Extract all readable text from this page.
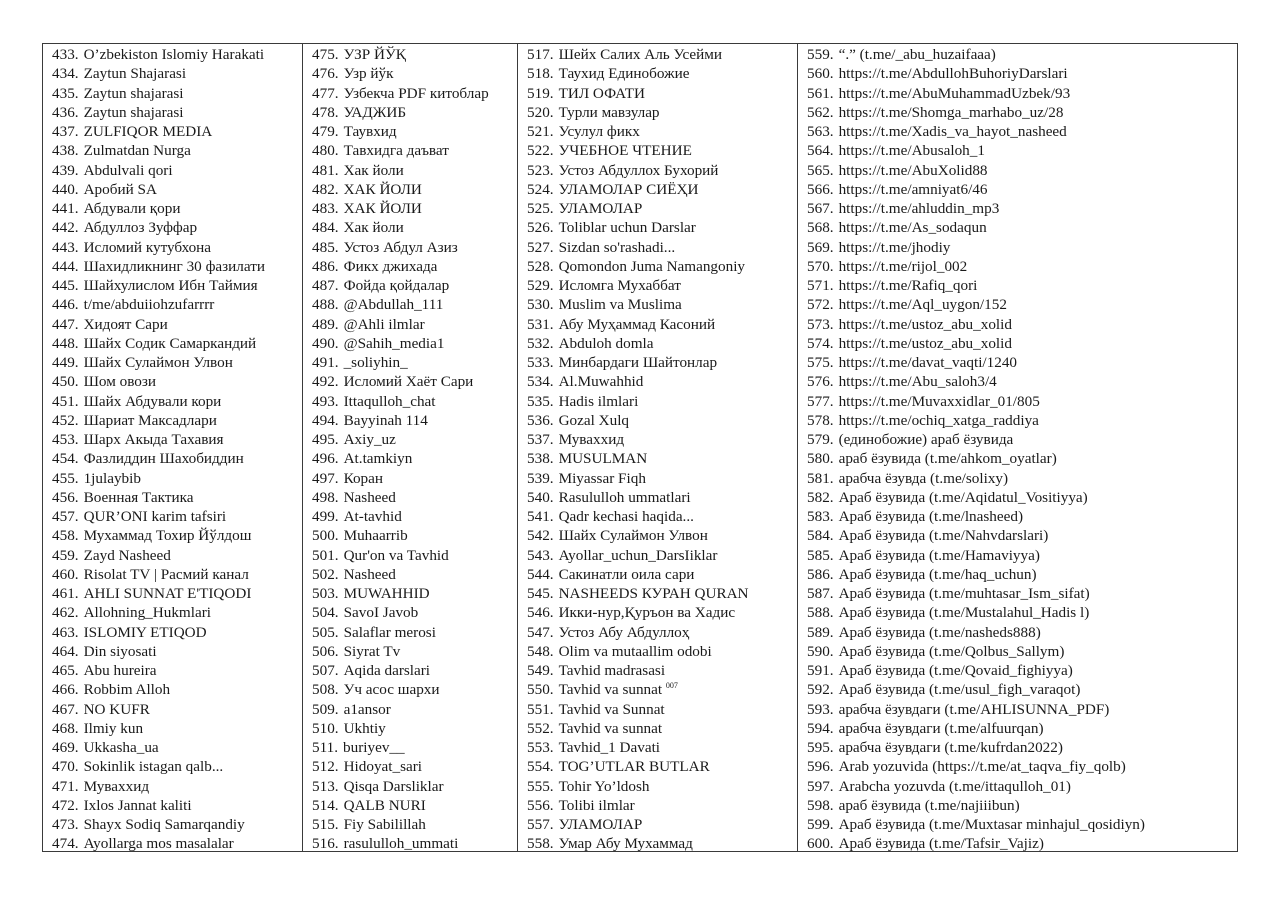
433. O’zbekiston Islomiy Harakati
434. Zaytun Shajarasi
435. Zaytun shajarasi
436. Zaytun shajarasi
437. ZULFIQOR MEDIA
438. Zulmatdan Nurga
439. Abdulvali qori
440. Аробий SA
441. Абдували қори
442. Абдуллоз Зуффар
443. Исломий кутубхона
444. Шахидликнинг 30 фазилати
445. Шайхулислом Ибн Таймия
446. t/me/abduiiohzufarrrr
447. Хидоят Сари
448. Шайх Содик Самаркандий
449. Шайх Сулаймон Улвон
450. Шом овози
451. Шайх Абдували кори
452. Шариат Максадлари
453. Шарх Акыда Тахавия
454. Фазлиддин Шахобиддин
455. 1julaybib
456. Военная Тактика
457. QUR’ONI karim tafsiri
458. Мухаммад Тохир Йўлдош
459. Zayd Nasheed
460. Risolat TV | Расмий канал
461. AHLI SUNNAT E'TIQODI
462. Allohning_Hukmlari
463. ISLOMIY ETIQOD
464. Din siyosati
465. Abu hureira
466. Robbim Alloh
467. NO KUFR
468. Ilmiy kun
469. Ukkasha_ua
470. Sokinlik istagan qalb...
471. Муваххид
472. Ixlos Jannat kaliti
473. Shayx Sodiq Samarqandiy
474. Ayollarga mos masalalar
475. УЗР ЙЎҚ
476. Узр йўк
477. Узбекча PDF китоблар
478. УАДЖИБ
479. Таувхид
480. Тавхидга даъват
481. Хак йоли
482. ХАК ЙОЛИ
483. ХАК ЙОЛИ
484. Хак йоли
485. Устоз Абдул Азиз
486. Фикх джихада
487. Фойда қойдалар
488. @Abdullah_111
489. @Ahli ilmlar
490. @Sahih_media1
491. _soliyhin_
492. Исломий Хаёт Сари
493. Ittaqulloh_chat
494. Bayyinah 114
495. Axiy_uz
496. At.tamkiyn
497. Коран
498. Nasheed
499. At-tavhid
500. Muhaarrib
501. Qur'on va Tavhid
502. Nasheed
503. MUWAHHID
504. SavoI Javob
505. Salaflar merosi
506. Siyrat Tv
507. Aqida darslari
508. Уч асос шархи
509. a1ansor
510. Ukhtiy
511. buriyev__
512. Hidoyat_sari
513. Qisqa Darsliklar
514. QALB NURI
515. Fiy Sabilillah
516. rasululloh_ummati
517. Шейх Салих Аль Усейми
518. Таухид Единобожие
519. ТИЛ ОФАТИ
520. Турли мавзулар
521. Усулул фикх
522. УЧЕБНОЕ ЧТЕНИЕ
523. Устоз Абдуллох Бухорий
524. УЛАМОЛАР СИЁҲИ
525. УЛАМОЛАР
526. Toliblar uchun Darslar
527. Sizdan so'rashadi...
528. Qomondon Juma Namangoniy
529. Исломга Мухаббат
530. Muslim va Muslima
531. Абу Муҳаммад Касоний
532. Abduloh domla
533. Минбардаги Шайтонлар
534. Al.Muwahhid
535. Hadis ilmlari
536. Gozal Xulq
537. Мувахxид
538. MUSULMAN
539. Miyassar Fiqh
540. Rasululloh ummatlari
541. Qadr kechasi haqida...
542. Шайх Сулаймон Улвон
543. Ayollar_uchun_DarsIiklar
544. Сакинатли оила сари
545. NASHEEDS КУРАН QURAN
546. Икки-нур,Қуръон ва Хадис
547. Устоз Абу Абдуллоҳ
548. Olim va mutaallim odobi
549. Tavhid madrasasi
550. Tavhid va sunnat $^{007}$
551. Tavhid va Sunnat
552. Tavhid va sunnat
553. Tavhid_1 Davati
554. TOG’UTLAR BUTLAR
555. Tohir Yo’ldosh
556. Tolibi ilmlar
557. УЛАМОЛАР
558. Умар Абу Мухаммад
559. “.” (t.me/_abu_huzaifaaa)
560. https://t.me/AbdullohBuhoriyDarslari
561. https://t.me/AbuMuhammadUzbek/93
562. https://t.me/Shomga_marhabo_uz/28
563. https://t.me/Xadis_va_hayot_nasheed
564. https://t.me/Abusaloh_1
565. https://t.me/AbuXolid88
566. https://t.me/amniyat6/46
567. https://t.me/ahluddin_mp3
568. https://t.me/As_sodaqun
569. https://t.me/jhodiy
570. https://t.me/rijol_002
571. https://t.me/Rafiq_qori
572. https://t.me/Aql_uygon/152
573. https://t.me/ustoz_abu_xolid
574. https://t.me/ustoz_abu_xolid
575. https://t.me/davat_vaqti/1240
576. https://t.me/Abu_saloh3/4
577. https://t.me/Muvaxxidlar_01/805
578. https://t.me/ochiq_xatga_raddiya
579. (единобожие) араб ёзувида
580. араб ёзувида (t.me/ahkom_oyatlar)
581. арабча ёзувда (t.me/solixy)
582. Араб ёзувида (t.me/Aqidatul_Vositiyya)
583. Араб ёзувида (t.me/lnasheed)
584. Араб ёзувида (t.me/Nahvdarslari)
585. Араб ёзувида (t.me/Hamaviyya)
586. Араб ёзувида (t.me/haq_uchun)
587. Араб ёзувида (t.me/muhtasar_Ism_sifat)
588. Араб ёзувида (t.me/Mustalahul_Hadis l)
589. Араб ёзувида (t.me/nasheds888)
590. Араб ёзувида (t.me/Qolbus_Sallym)
591. Араб ёзувида (t.me/Qovaid_fighiyya)
592. Араб ёзувида (t.me/usul_figh_varaqot)
593. арабча ёзувдаги (t.me/AHLISUNNA_PDF)
594. арабча ёзувдаги (t.me/alfuurqan)
595. арабча ёзувдаги (t.me/kufrdan2022)
596. Arab yozuvida (https://t.me/at_taqva_fiy_qolb)
597. Arabcha yozuvda (t.me/ittaqulloh_01)
598. араб ёзувида (t.me/najiiibun)
599. Араб ёзувида (t.me/Muxtasar minhajul_qosidiyn)
600. Араб ёзувида (t.me/Tafsir_Vajiz)
